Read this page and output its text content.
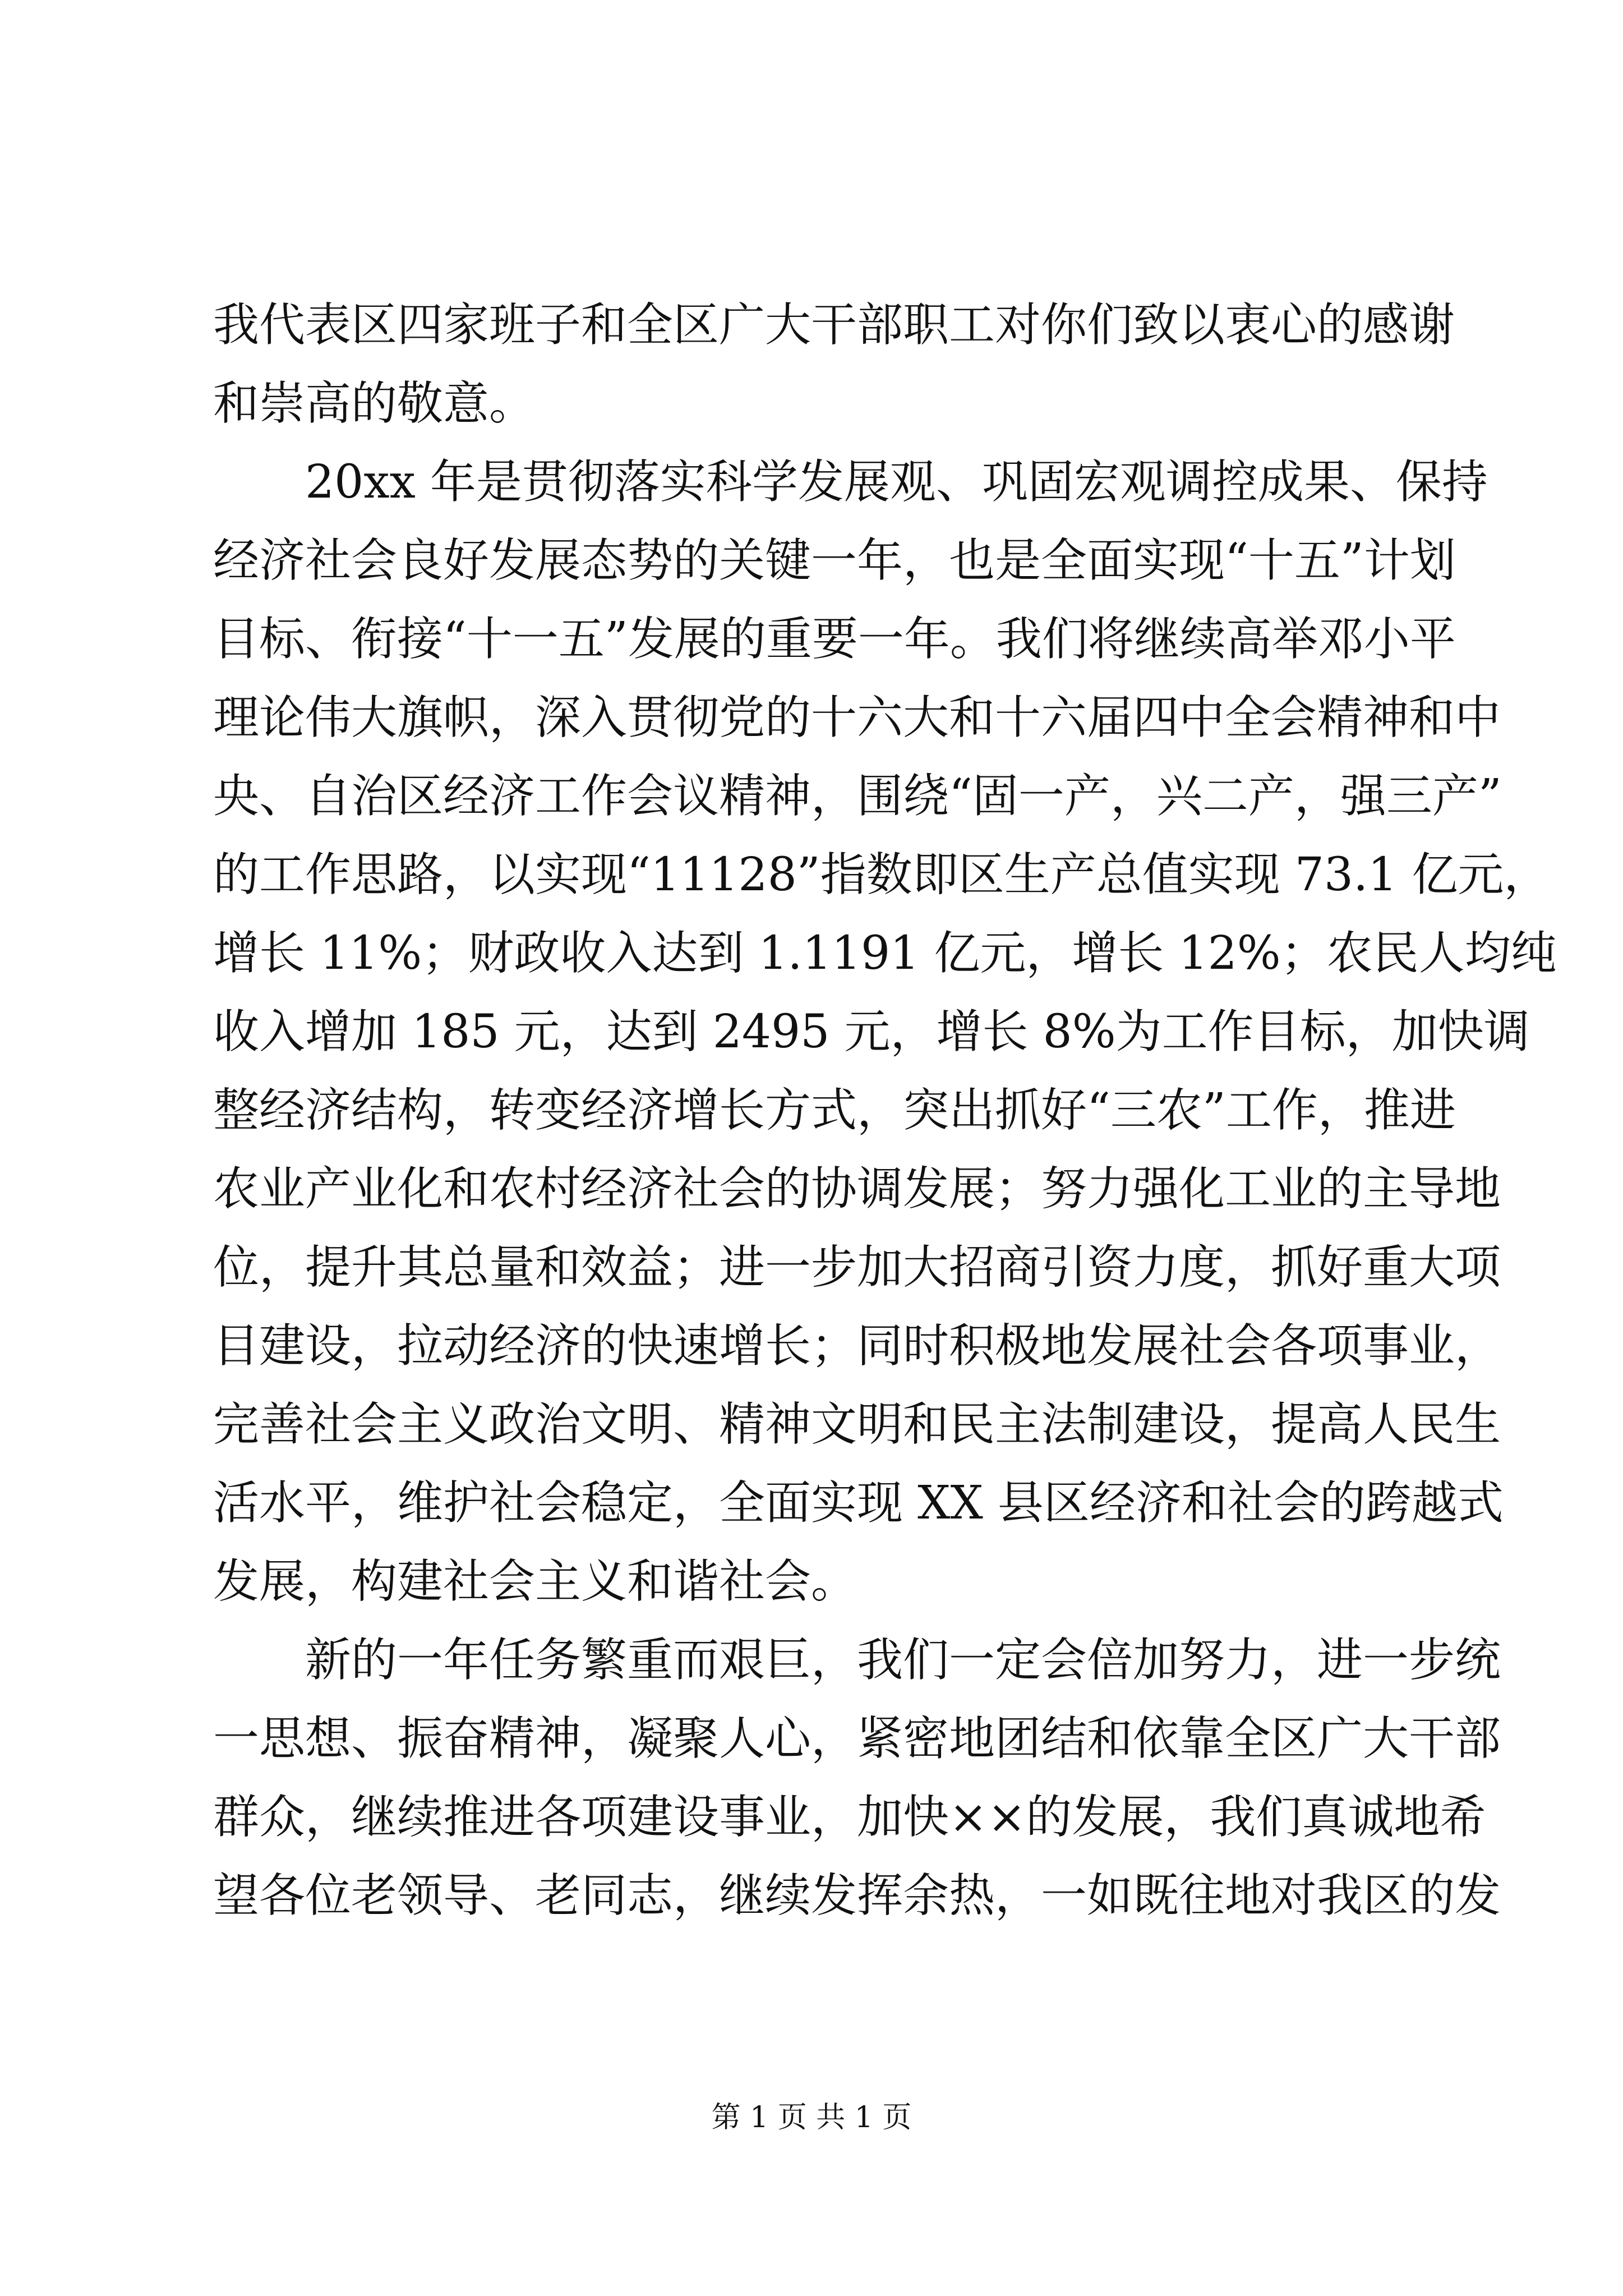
我代表区四家班子和全区广大干部职工对你们致以衷心的感谢
和崇高的敬意。
20xx 年是贯彻落实科学发展观、巩固宏观调控成果、保持
经济社会良好发展态势的关键一年，也是全面实现“十五”计划
目标、衔接“十一五”发展的重要一年。我们将继续高举邓小平
理论伟大旗帜，深入贯彻党的十六大和十六届四中全会精神和中
央、自治区经济工作会议精神，围绕“固一产，兴二产，强三产”
的工作思路，以实现“11128”指数即区生产总值实现 73.1 亿元，
增长 11%；财政收入达到 1.1191 亿元，增长 12%；农民人均纯
收入增加 185 元，达到 2495 元，增长 8%为工作目标，加快调
整经济结构，转变经济增长方式，突出抓好“三农”工作，推进
农业产业化和农村经济社会的协调发展；努力强化工业的主导地
位，提升其总量和效益；进一步加大招商引资力度，抓好重大项
目建设，拉动经济的快速增长；同时积极地发展社会各项事业，
完善社会主义政治文明、精神文明和民主法制建设，提高人民生
活水平，维护社会稳定，全面实现 XX 县区经济和社会的跨越式
发展，构建社会主义和谐社会。
新的一年任务繁重而艰巨，我们一定会倍加努力，进一步统
一思想、振奋精神，凝聚人心，紧密地团结和依靠全区广大干部
群众，继续推进各项建设事业，加快××的发展，我们真诚地希
望各位老领导、老同志，继续发挥余热，一如既往地对我区的发
第 1 页 共 1 页
